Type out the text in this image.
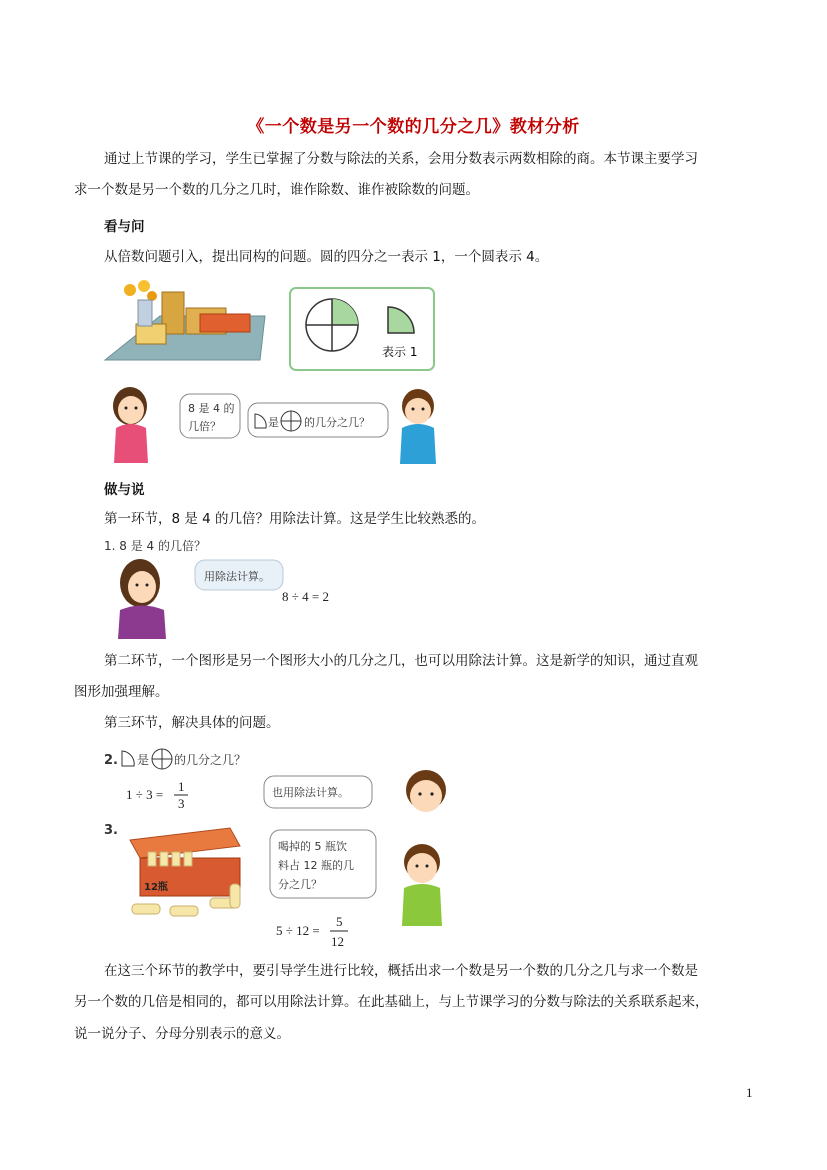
《一个数是另一个数的几分之几》教材分析
通过上节课的学习，学生已掌握了分数与除法的关系，会用分数表示两数相除的商。本节课主要学习
求一个数是另一个数的几分之几时，谁作除数、谁作被除数的问题。
看与问
从倍数问题引入，提出同构的问题。圆的四分之一表示 1，一个圆表示 4。
表示 1
8 是 4 的
几倍？	是 的几分之几？
做与说
第一环节，8 是 4 的几倍？用除法计算。这是学生比较熟悉的。
1. 8 是 4 的几倍？
用除法计算。
8 ÷ 4 = 2
第二环节，一个图形是另一个图形大小的几分之几，也可以用除法计算。这是新学的知识，通过直观
图形加强理解。
第三环节，解决具体的问题。
2. 是 的几分之几？
1 ÷ 3 =
1
3
也用除法计算。
3.
12瓶
喝掉的 5 瓶饮
料占 12 瓶的几
分之几？
5 ÷ 12 =
5
12
在这三个环节的教学中，要引导学生进行比较，概括出求一个数是另一个数的几分之几与求一个数是
另一个数的几倍是相同的，都可以用除法计算。在此基础上，与上节课学习的分数与除法的关系联系起来，
说一说分子、分母分别表示的意义。
1
